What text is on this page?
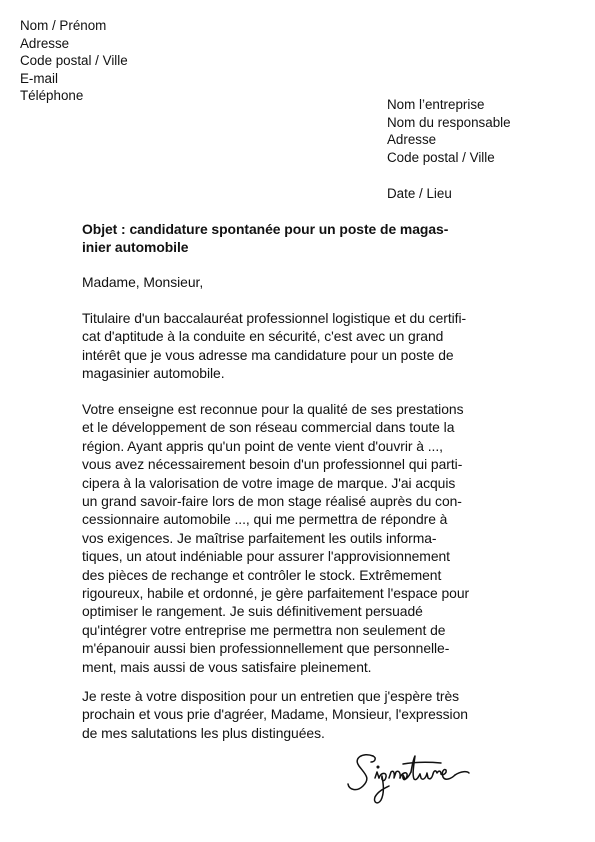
Nom / Prénom
Adresse
Code postal / Ville
E-mail
Téléphone
Nom l’entreprise
Nom du responsable
Adresse
Code postal / Ville
Date / Lieu
Objet : candidature spontanée pour un poste de magas-
inier automobile
Madame, Monsieur,
Titulaire d'un baccalauréat professionnel logistique et du certifi-
cat d'aptitude à la conduite en sécurité, c'est avec un grand
intérêt que je vous adresse ma candidature pour un poste de
magasinier automobile.
Votre enseigne est reconnue pour la qualité de ses prestations
et le développement de son réseau commercial dans toute la
région. Ayant appris qu'un point de vente vient d'ouvrir à ...,
vous avez nécessairement besoin d'un professionnel qui parti-
cipera à la valorisation de votre image de marque. J'ai acquis
un grand savoir-faire lors de mon stage réalisé auprès du con-
cessionnaire automobile ..., qui me permettra de répondre à
vos exigences. Je maîtrise parfaitement les outils informa-
tiques, un atout indéniable pour assurer l'approvisionnement
des pièces de rechange et contrôler le stock. Extrêmement
rigoureux, habile et ordonné, je gère parfaitement l'espace pour
optimiser le rangement. Je suis définitivement persuadé
qu'intégrer votre entreprise me permettra non seulement de
m'épanouir aussi bien professionnellement que personnelle-
ment, mais aussi de vous satisfaire pleinement.
Je reste à votre disposition pour un entretien que j'espère très
prochain et vous prie d'agréer, Madame, Monsieur, l'expression
de mes salutations les plus distinguées.
